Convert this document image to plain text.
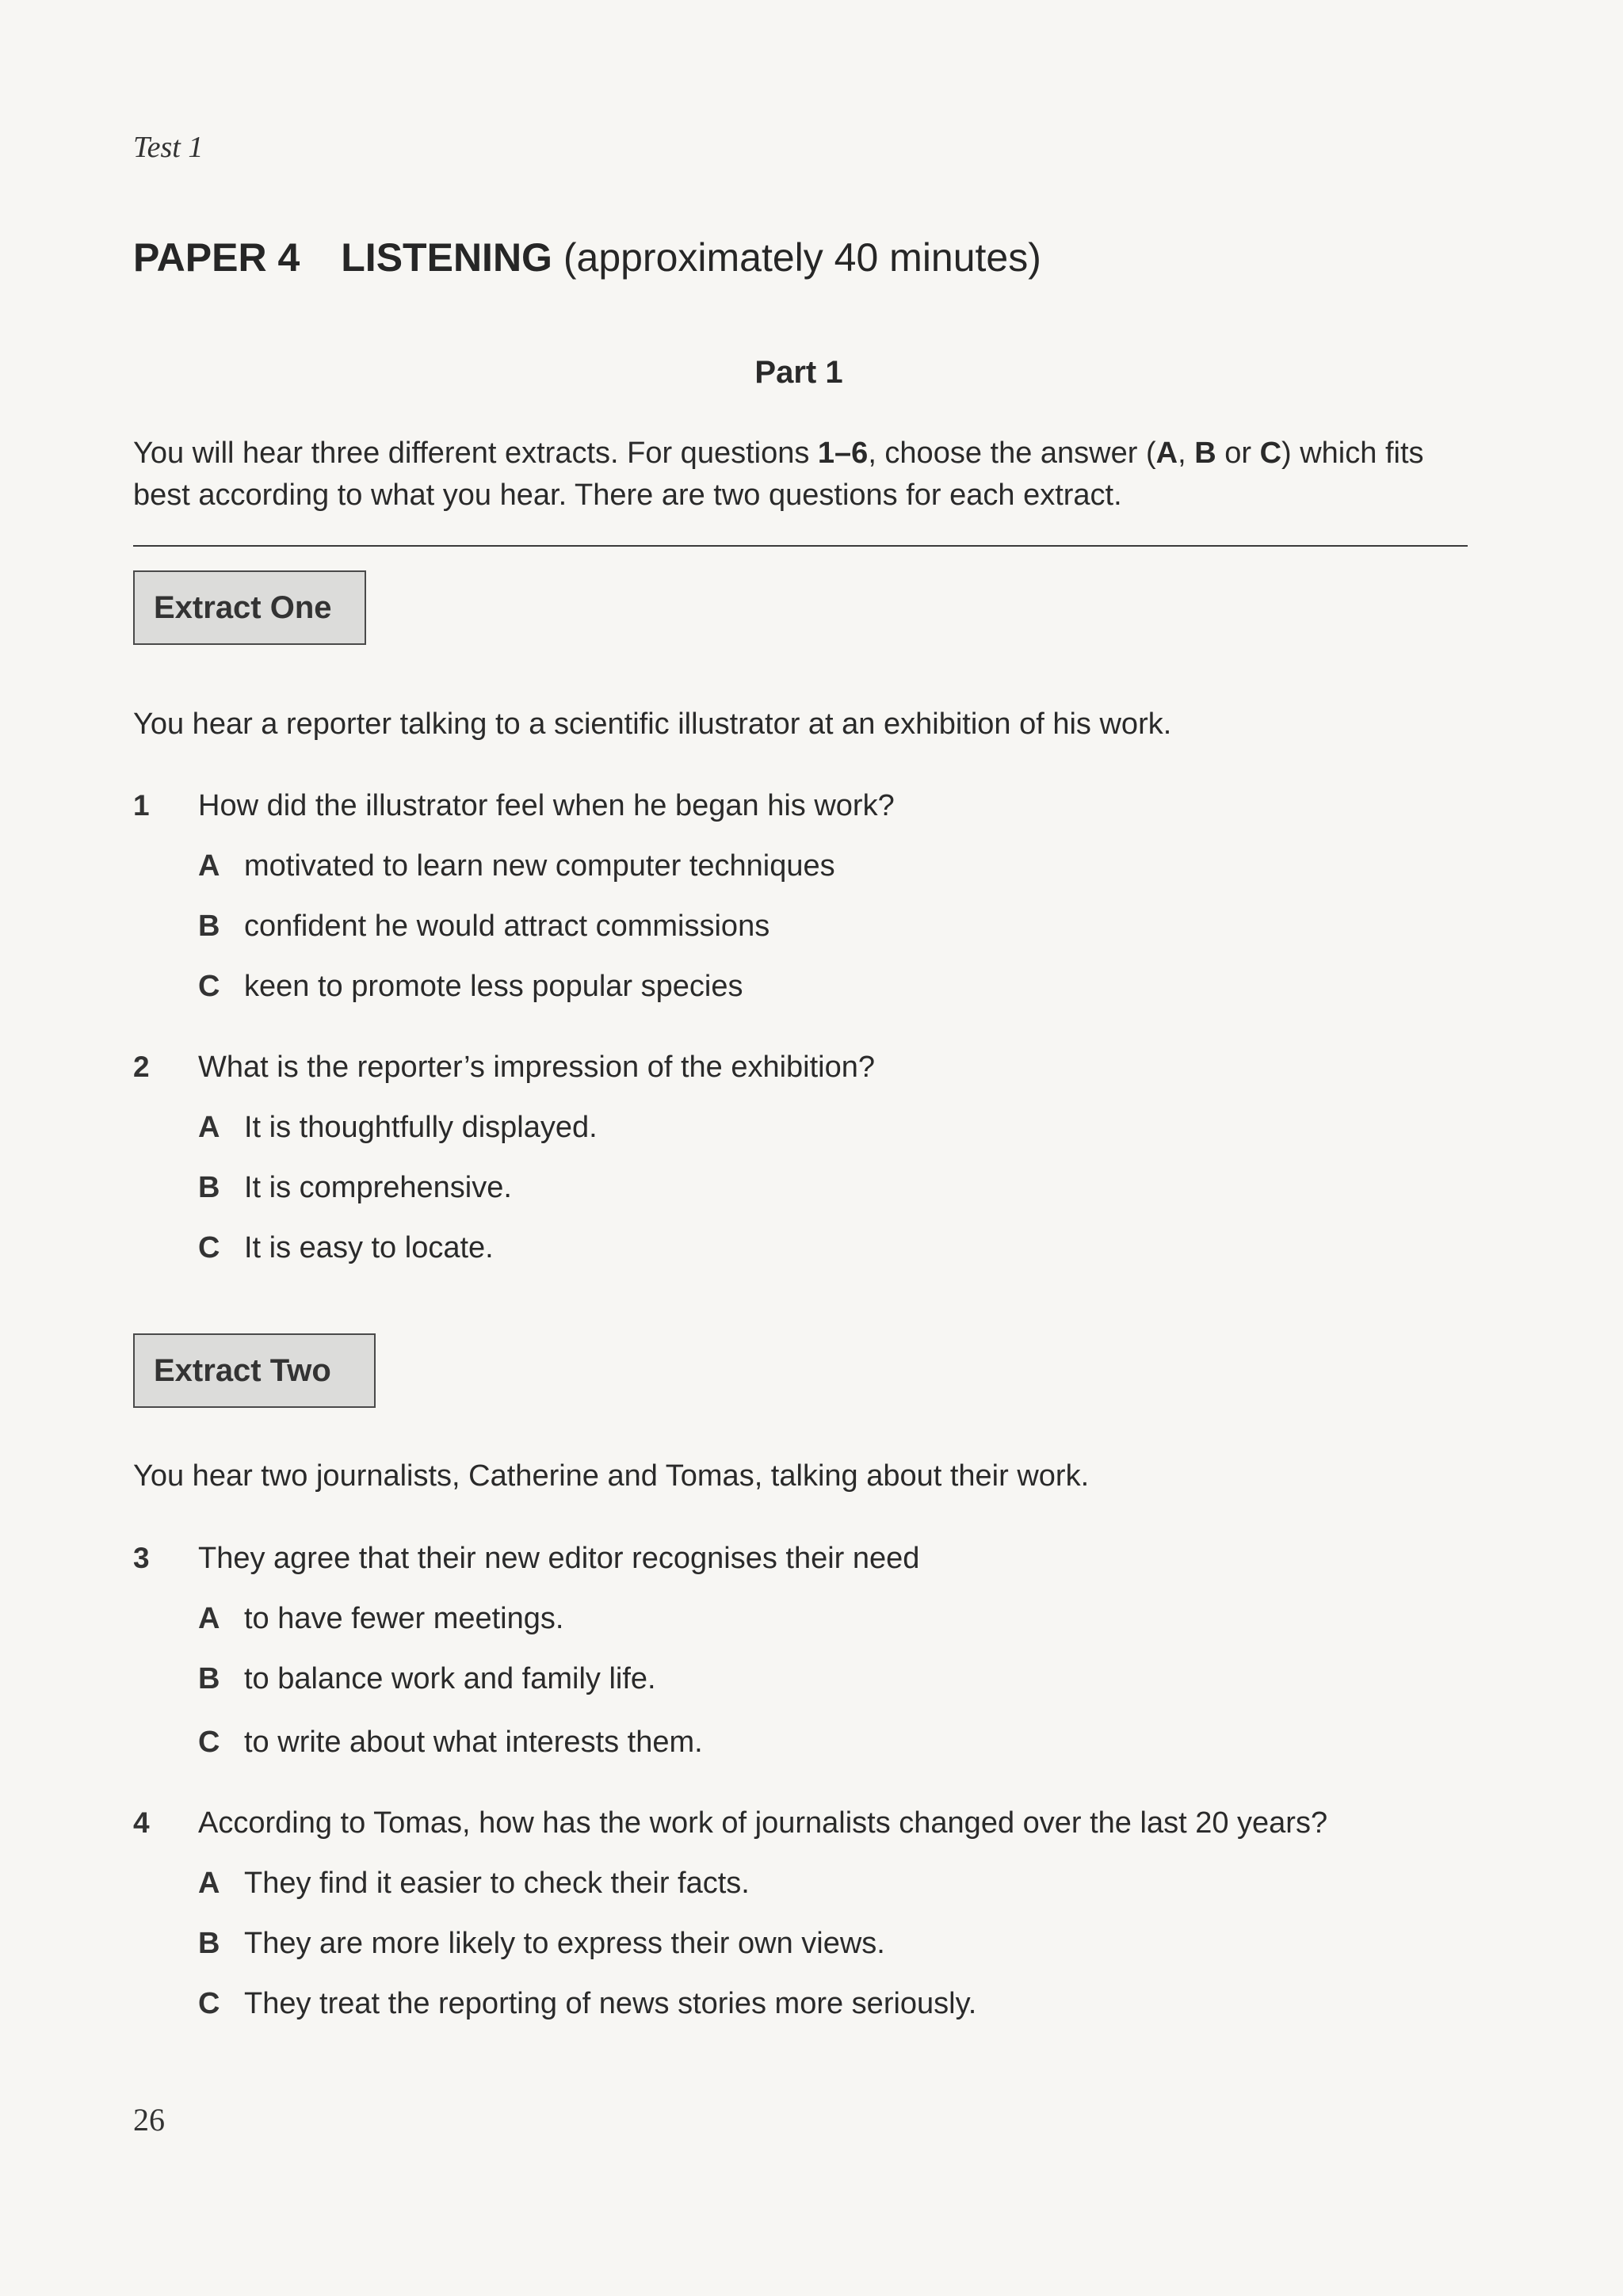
Test 1
PAPER 4 LISTENING (approximately 40 minutes)
Part 1
You will hear three different extracts. For questions 1–6, choose the answer (A, B or C) which fits best according to what you hear. There are two questions for each extract.
Extract One
You hear a reporter talking to a scientific illustrator at an exhibition of his work.
1 How did the illustrator feel when he began his work?
A motivated to learn new computer techniques
B confident he would attract commissions
C keen to promote less popular species
2 What is the reporter’s impression of the exhibition?
A It is thoughtfully displayed.
B It is comprehensive.
C It is easy to locate.
Extract Two
You hear two journalists, Catherine and Tomas, talking about their work.
3 They agree that their new editor recognises their need
A to have fewer meetings.
B to balance work and family life.
C to write about what interests them.
4 According to Tomas, how has the work of journalists changed over the last 20 years?
A They find it easier to check their facts.
B They are more likely to express their own views.
C They treat the reporting of news stories more seriously.
26
